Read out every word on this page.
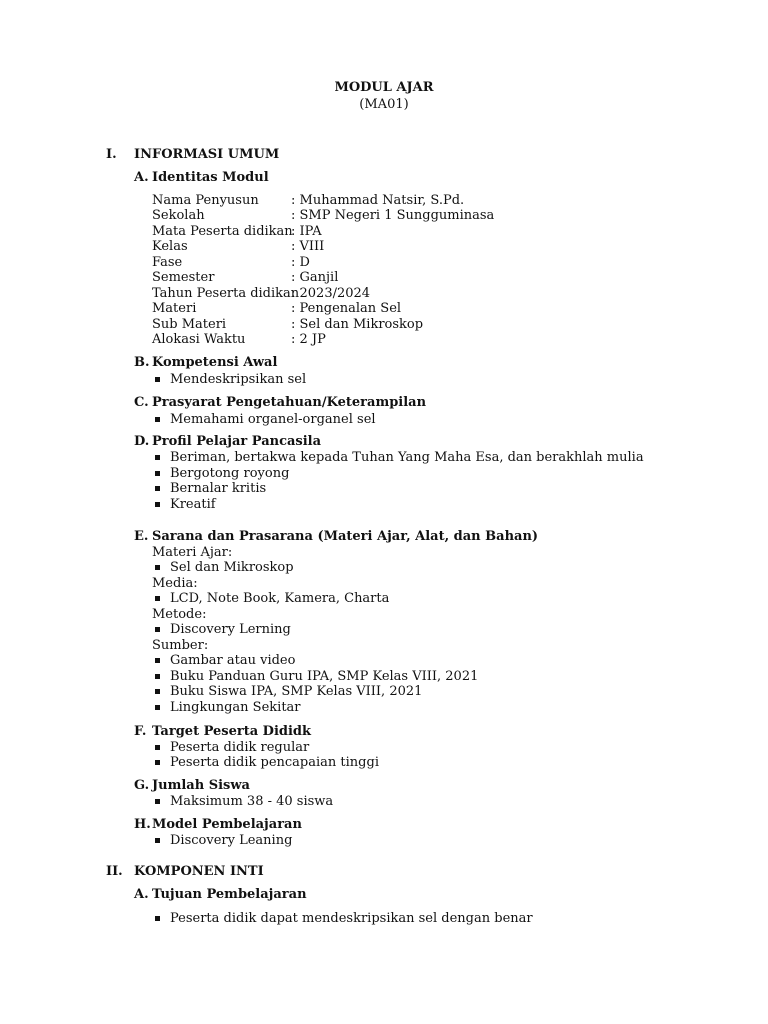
MODUL AJAR
(MA01)
I. INFORMASI UMUM
A. Identitas Modul
Nama Penyusun : Muhammad Natsir, S.Pd.
Sekolah	: SMP Negeri 1 Sungguminasa
Mata Peserta didikan
: IPA
Kelas	: VIII
Fase	: D
Semester	: Ganjil
Tahun Peserta didikan
: 2023/2024
Materi	: Pengenalan Sel
Sub Materi	: Sel dan Mikroskop
Alokasi Waktu	: 2 JP
B. Kompetensi Awal
Mendeskripsikan sel
C. Prasyarat Pengetahuan/Keterampilan
Memahami organel-organel sel
D. Profil Pelajar Pancasila
Beriman, bertakwa kepada Tuhan Yang Maha Esa, dan berakhlah mulia
Bergotong royong
Bernalar kritis
Kreatif
E. Sarana dan Prasarana (Materi Ajar, Alat, dan Bahan)
Materi Ajar:
Sel dan Mikroskop
Media:
LCD, Note Book, Kamera, Charta
Metode:
Discovery Lerning
Sumber:
Gambar atau video
Buku Panduan Guru IPA, SMP Kelas VIII, 2021
Buku Siswa IPA, SMP Kelas VIII, 2021
Lingkungan Sekitar
F. Target Peserta Dididk
Peserta didik regular
Peserta didik pencapaian tinggi
G. Jumlah Siswa
Maksimum 38 - 40 siswa
H. Model Pembelajaran
Discovery Leaning
II. KOMPONEN INTI
A. Tujuan Pembelajaran
Peserta didik dapat mendeskripsikan sel dengan benar
